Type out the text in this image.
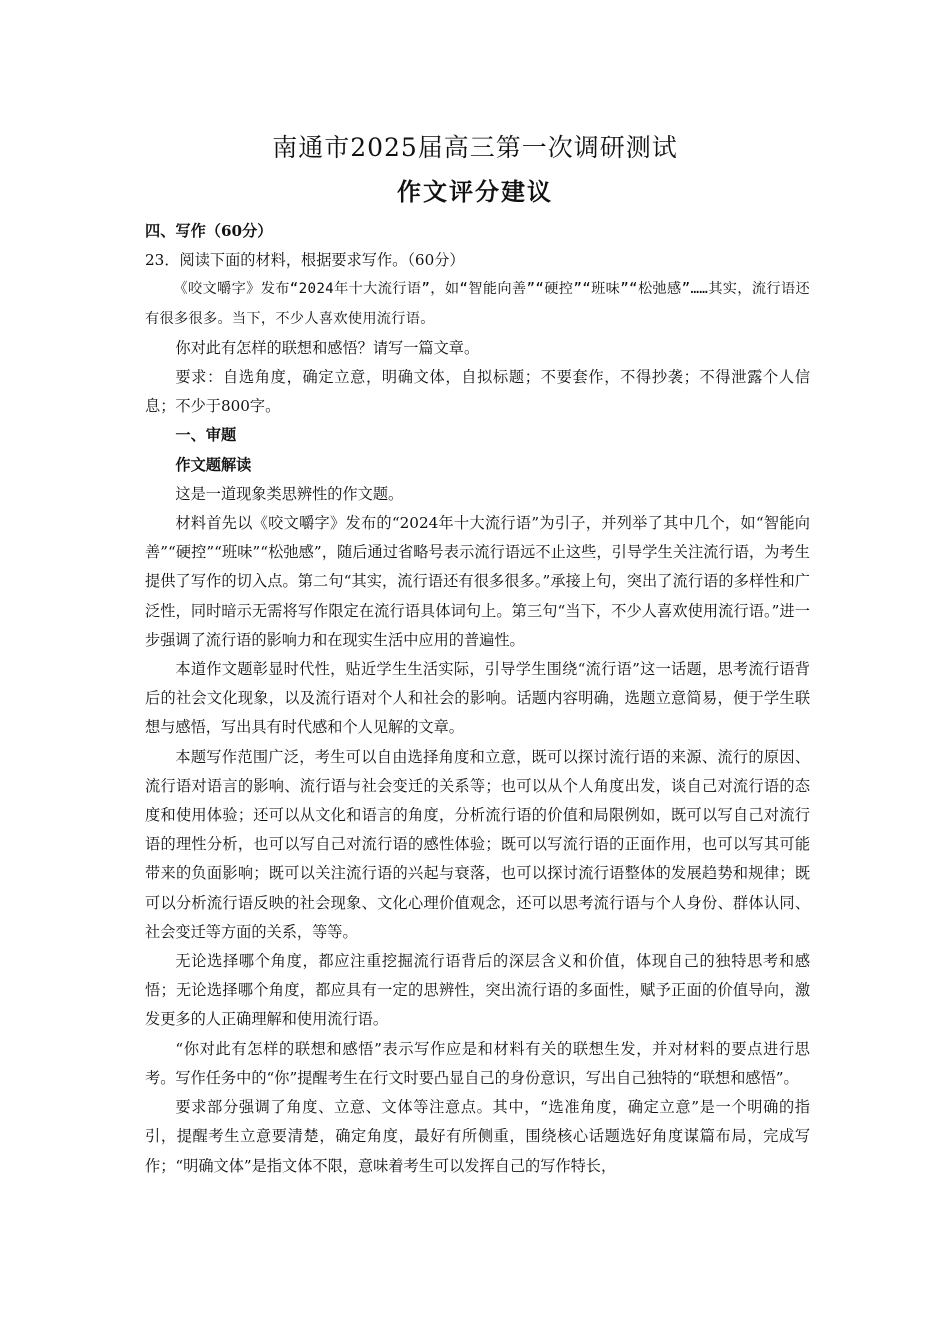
南通市2025届高三第一次调研测试
作文评分建议

四、写作（60分）

23．阅读下面的材料，根据要求写作。（60分）

《咬文嚼字》发布“2024年十大流行语”，如“智能向善”“硬控”“班味”“松弛感”……其实，流行语还有很多很多。当下，不少人喜欢使用流行语。

你对此有怎样的联想和感悟？请写一篇文章。

要求：自选角度，确定立意，明确文体，自拟标题；不要套作，不得抄袭；不得泄露个人信息；不少于800字。

一、审题

作文题解读

这是一道现象类思辨性的作文题。

材料首先以《咬文嚼字》发布的“2024年十大流行语”为引子，并列举了其中几个，如“智能向善”“硬控”“班味”“松弛感”，随后通过省略号表示流行语远不止这些，引导学生关注流行语，为考生提供了写作的切入点。第二句“其实，流行语还有很多很多。”承接上句，突出了流行语的多样性和广泛性，同时暗示无需将写作限定在流行语具体词句上。第三句“当下，不少人喜欢使用流行语。”进一步强调了流行语的影响力和在现实生活中应用的普遍性。

本道作文题彰显时代性，贴近学生生活实际，引导学生围绕“流行语”这一话题，思考流行语背后的社会文化现象，以及流行语对个人和社会的影响。话题内容明确，选题立意简易，便于学生联想与感悟，写出具有时代感和个人见解的文章。

本题写作范围广泛，考生可以自由选择角度和立意，既可以探讨流行语的来源、流行的原因、流行语对语言的影响、流行语与社会变迁的关系等；也可以从个人角度出发，谈自己对流行语的态度和使用体验；还可以从文化和语言的角度，分析流行语的价值和局限例如，既可以写自己对流行语的理性分析，也可以写自己对流行语的感性体验；既可以写流行语的正面作用，也可以写其可能带来的负面影响；既可以关注流行语的兴起与衰落，也可以探讨流行语整体的发展趋势和规律；既可以分析流行语反映的社会现象、文化心理价值观念，还可以思考流行语与个人身份、群体认同、社会变迁等方面的关系，等等。

无论选择哪个角度，都应注重挖掘流行语背后的深层含义和价值，体现自己的独特思考和感悟；无论选择哪个角度，都应具有一定的思辨性，突出流行语的多面性，赋予正面的价值导向，激发更多的人正确理解和使用流行语。

“你对此有怎样的联想和感悟”表示写作应是和材料有关的联想生发，并对材料的要点进行思考。写作任务中的“你”提醒考生在行文时要凸显自己的身份意识，写出自己独特的“联想和感悟”。

要求部分强调了角度、立意、文体等注意点。其中，“选准角度，确定立意”是一个明确的指引，提醒考生立意要清楚，确定角度，最好有所侧重，围绕核心话题选好角度谋篇布局，完成写作；“明确文体”是指文体不限，意味着考生可以发挥自己的写作特长，
